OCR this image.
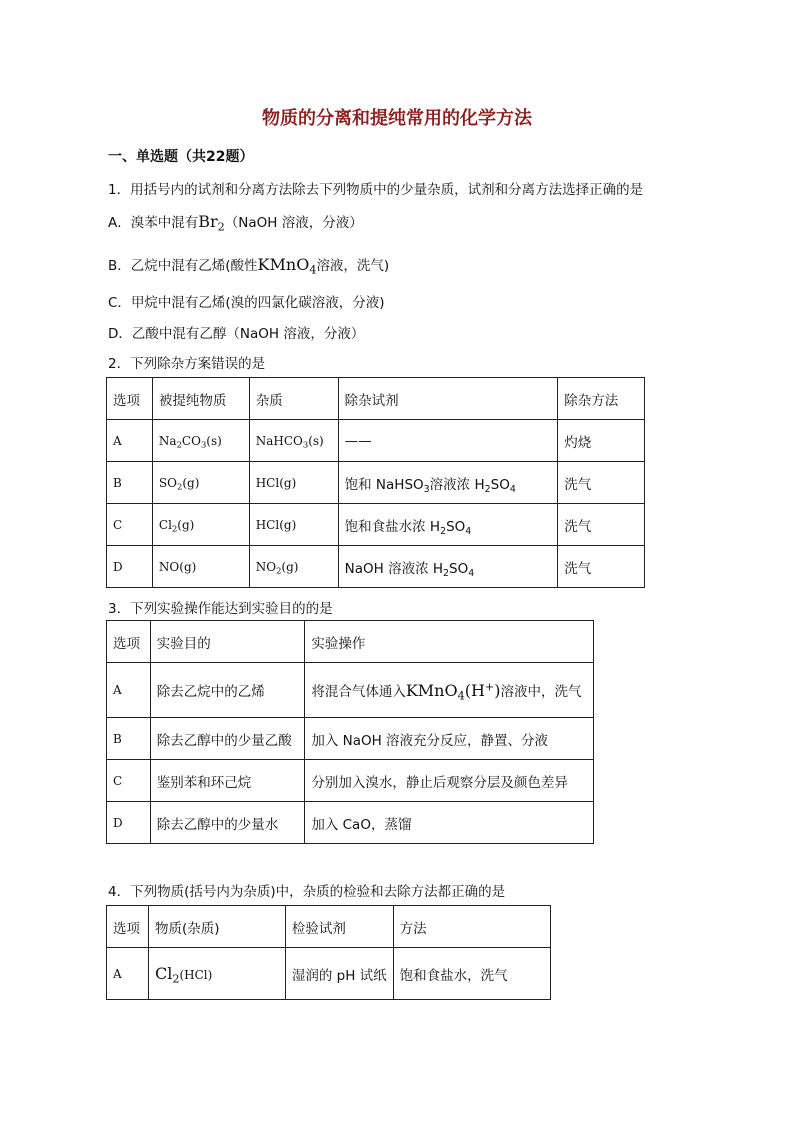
物质的分离和提纯常用的化学方法
一、单选题（共22题）
1．用括号内的试剂和分离方法除去下列物质中的少量杂质，试剂和分离方法选择正确的是
A．溴苯中混有$Br_2(NaOH$ 溶液，分液）
B．乙烷中混有乙烯(酸性KMnO$_4$溶液，洗气)
C．甲烷中混有乙烯(溴的四氯化碳溶液，分液)
D．乙酸中混有乙醇（NaOH 溶液，分液）
2．下列除杂方案错误的是
选项	被提纯物质	杂质	除杂试剂	除杂方法
A	$Na_2CO_3(s)$	NaHCO$_3$(s)	——	灼烧
B	$SO_2(g)$	HCl(g)	饱和 NaHSO$_3$溶液浓 $H_2SO_4$	洗气
C	$Cl_2(g)$	HCl(g)	饱和食盐水浓 $H_2SO_4$	洗气
D	NO(g)	$NO_2(g)$	NaOH 溶液浓 $H_2SO_4$	洗气
3．下列实验操作能达到实验目的的是
选项	实验目的	实验操作
A	除去乙烷中的乙烯	将混合气体通入KMnO$_4$(H+)溶液中，洗气
B	除去乙醇中的少量乙酸	加入 NaOH 溶液充分反应，静置、分液
C	鉴别苯和环己烷	分别加入溴水，静止后观察分层及颜色差异
D	除去乙醇中的少量水	加入 CaO，蒸馏
4．下列物质(括号内为杂质)中，杂质的检验和去除方法都正确的是
选项	物质(杂质)	检验试剂	方法
A	$Cl_2(HCl)$	湿润的 pH 试纸	饱和食盐水，洗气
